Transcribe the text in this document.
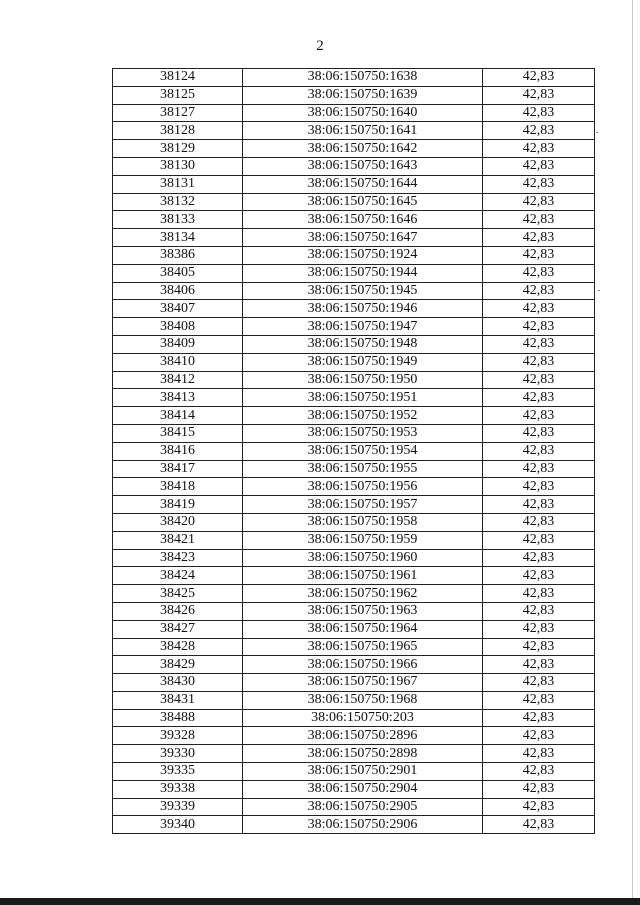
2
38124	38:06:150750:1638	42,83
38125	38:06:150750:1639	42,83
38127	38:06:150750:1640	42,83
38128	38:06:150750:1641	42,83
38129	38:06:150750:1642	42,83
38130	38:06:150750:1643	42,83
38131	38:06:150750:1644	42,83
38132	38:06:150750:1645	42,83
38133	38:06:150750:1646	42,83
38134	38:06:150750:1647	42,83
38386	38:06:150750:1924	42,83
38405	38:06:150750:1944	42,83
38406	38:06:150750:1945	42,83
38407	38:06:150750:1946	42,83
38408	38:06:150750:1947	42,83
38409	38:06:150750:1948	42,83
38410	38:06:150750:1949	42,83
38412	38:06:150750:1950	42,83
38413	38:06:150750:1951	42,83
38414	38:06:150750:1952	42,83
38415	38:06:150750:1953	42,83
38416	38:06:150750:1954	42,83
38417	38:06:150750:1955	42,83
38418	38:06:150750:1956	42,83
38419	38:06:150750:1957	42,83
38420	38:06:150750:1958	42,83
38421	38:06:150750:1959	42,83
38423	38:06:150750:1960	42,83
38424	38:06:150750:1961	42,83
38425	38:06:150750:1962	42,83
38426	38:06:150750:1963	42,83
38427	38:06:150750:1964	42,83
38428	38:06:150750:1965	42,83
38429	38:06:150750:1966	42,83
38430	38:06:150750:1967	42,83
38431	38:06:150750:1968	42,83
38488	38:06:150750:203	42,83
39328	38:06:150750:2896	42,83
39330	38:06:150750:2898	42,83
39335	38:06:150750:2901	42,83
39338	38:06:150750:2904	42,83
39339	38:06:150750:2905	42,83
39340	38:06:150750:2906	42,83
